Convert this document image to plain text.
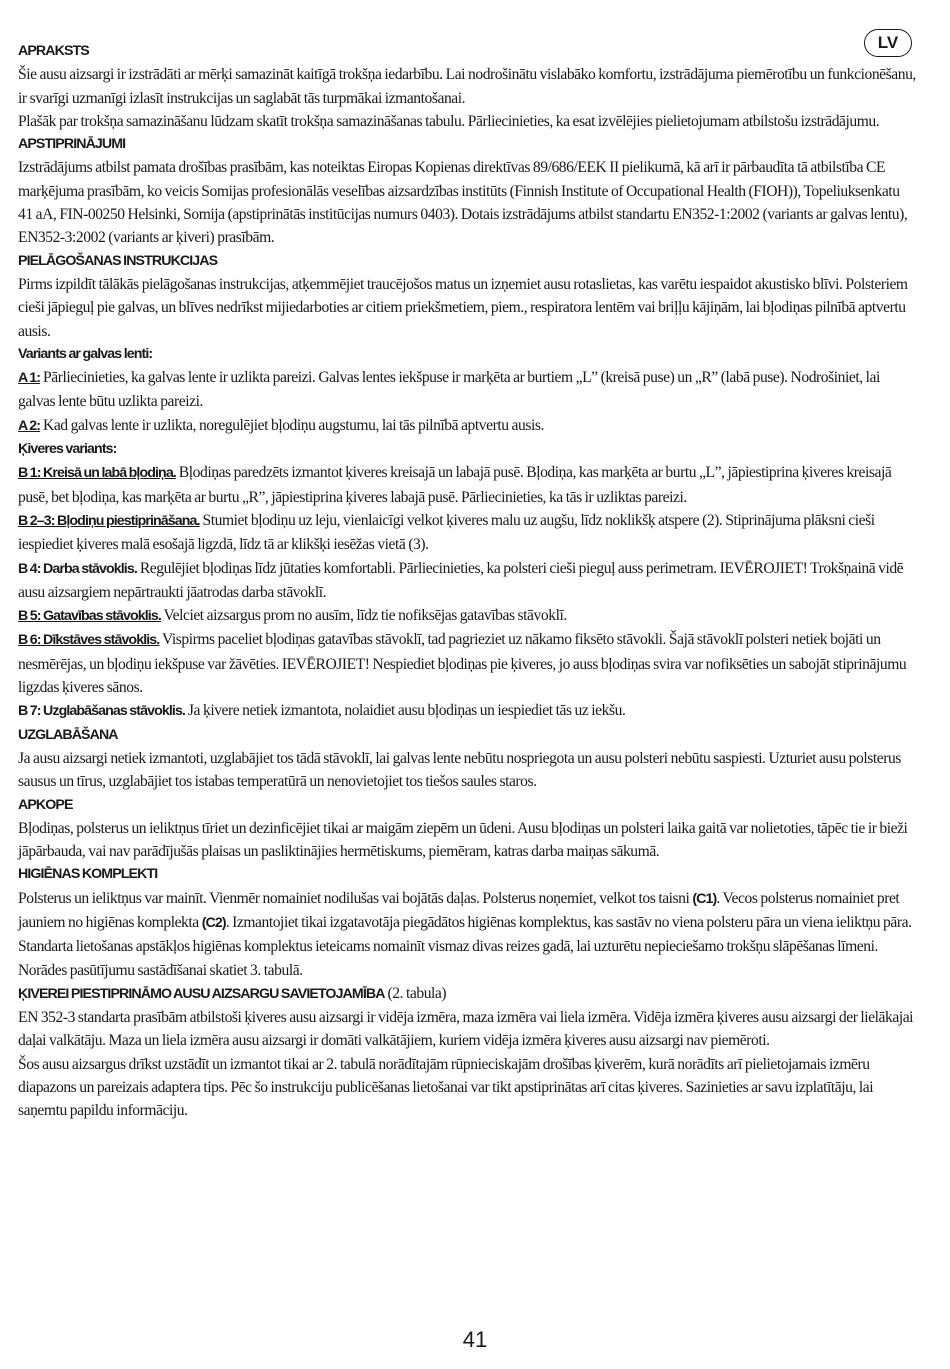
LV
APRAKSTS

Šie ausu aizsargi ir izstrādāti ar mērķi samazināt kaitīgā trokšņa iedarbību. Lai nodrošinātu vislabāko komfortu, izstrādājuma piemērotību un funkcionēšanu, ir svarīgi uzmanīgi izlasīt instrukcijas un saglabāt tās turpmākai izmantošanai.

Plašāk par trokšņa samazināšanu lūdzam skatīt trokšņa samazināšanas tabulu. Pārliecinieties, ka esat izvēlējies pielietojumam atbilstošu izstrādājumu.

APSTIPRINĀJUMI

Izstrādājums atbilst pamata drošības prasībām, kas noteiktas Eiropas Kopienas direktīvas 89/686/EEK II pielikumā, kā arī ir pārbaudīta tā atbilstība CE marķējuma prasībām, ko veicis Somijas profesionālās veselības aizsardzības institūts (Finnish Institute of Occupational Health (FIOH)), Topeliuksenkatu 41 aA, FIN-00250 Helsinki, Somija (apstiprinātās institūcijas numurs 0403). Dotais izstrādājums atbilst standartu EN352-1:2002 (variants ar galvas lentu), EN352-3:2002 (variants ar ķiveri) prasībām.

PIELĀGOŠANAS INSTRUKCIJAS

Pirms izpildīt tālākās pielāgošanas instrukcijas, atķemmējiet traucējošos matus un izņemiet ausu rotaslietas, kas varētu iespaidot akustisko blīvi. Polsteriem cieši jāpieguļ pie galvas, un blīves nedrīkst mijiedarboties ar citiem priekšmetiem, piem., respiratora lentēm vai briļļu kājiņām, lai bļodiņas pilnībā aptvertu ausis.

Variants ar galvas lenti:

A 1: Pārliecinieties, ka galvas lente ir uzlikta pareizi. Galvas lentes iekšpuse ir marķēta ar burtiem „L” (kreisā puse) un „R” (labā puse). Nodrošiniet, lai galvas lente būtu uzlikta pareizi.

A 2: Kad galvas lente ir uzlikta, noregulējiet bļodiņu augstumu, lai tās pilnībā aptvertu ausis.

Ķiveres variants:

B 1: Kreisā un labā bļodiņa. Bļodiņas paredzēts izmantot ķiveres kreisajā un labajā pusē. Bļodiņa, kas marķēta ar burtu „L”, jāpiestiprina ķiveres kreisajā pusē, bet bļodiņa, kas marķēta ar burtu „R”, jāpiestiprina ķiveres labajā pusē. Pārliecinieties, ka tās ir uzliktas pareizi.

B 2–3: Bļodiņu piestiprināšana. Stumiet bļodiņu uz leju, vienlaicīgi velkot ķiveres malu uz augšu, līdz noklikšķ atspere (2). Stiprinājuma plāksni cieši iespiediet ķiveres malā esošajā ligzdā, līdz tā ar klikšķi iesēžas vietā (3).

B 4: Darba stāvoklis. Regulējiet bļodiņas līdz jūtaties komfortabli. Pārliecinieties, ka polsteri cieši pieguļ auss perimetram. IEVĒROJIET! Trokšņainā vidē ausu aizsargiem nepārtraukti jāatrodas darba stāvoklī.

B 5: Gatavības stāvoklis. Velciet aizsargus prom no ausīm, līdz tie nofiksējas gatavības stāvoklī.

B 6: Dīkstāves stāvoklis. Vispirms paceliet bļodiņas gatavības stāvoklī, tad pagrieziet uz nākamo fiksēto stāvokli. Šajā stāvoklī polsteri netiek bojāti un nesmērējas, un bļodiņu iekšpuse var žāvēties. IEVĒROJIET! Nespiediet bļodiņas pie ķiveres, jo auss bļodiņas svira var nofiksēties un sabojāt stiprinājumu ligzdas ķiveres sānos.

B 7: Uzglabāšanas stāvoklis. Ja ķivere netiek izmantota, nolaidiet ausu bļodiņas un iespiediet tās uz iekšu.

UZGLABĀŠANA

Ja ausu aizsargi netiek izmantoti, uzglabājiet tos tādā stāvoklī, lai galvas lente nebūtu nospriegota un ausu polsteri nebūtu saspiesti. Uzturiet ausu polsterus sausus un tīrus, uzglabājiet tos istabas temperatūrā un nenovietojiet tos tiešos saules staros.

APKOPE

Bļodiņas, polsterus un ieliktņus tīriet un dezinficējiet tikai ar maigām ziepēm un ūdeni. Ausu bļodiņas un polsteri laika gaitā var nolietoties, tāpēc tie ir bieži jāpārbauda, vai nav parādījušās plaisas un pasliktinājies hermētiskums, piemēram, katras darba maiņas sākumā.

HIGIĒNAS KOMPLEKTI

Polsterus un ieliktņus var mainīt. Vienmēr nomainiet nodilušas vai bojātās daļas. Polsterus noņemiet, velkot tos taisni (C1). Vecos polsterus nomainiet pret jauniem no higiēnas komplekta (C2). Izmantojiet tikai izgatavotāja piegādātos higiēnas komplektus, kas sastāv no viena polsteru pāra un viena ieliktņu pāra. Standarta lietošanas apstākļos higiēnas komplektus ieteicams nomainīt vismaz divas reizes gadā, lai uzturētu nepieciešamo trokšņu slāpēšanas līmeni. Norādes pasūtījumu sastādīšanai skatiet 3. tabulā.

ĶIVEREI PIESTIPRINĀMO AUSU AIZSARGU SAVIETOJAMĪBA (2. tabula)

EN 352-3 standarta prasībām atbilstoši ķiveres ausu aizsargi ir vidēja izmēra, maza izmēra vai liela izmēra. Vidēja izmēra ķiveres ausu aizsargi der lielākajai daļai valkātāju. Maza un liela izmēra ausu aizsargi ir domāti valkātājiem, kuriem vidēja izmēra ķiveres ausu aizsargi nav piemēroti.

Šos ausu aizsargus drīkst uzstādīt un izmantot tikai ar 2. tabulā norādītajām rūpnieciskajām drošības ķiverēm, kurā norādīts arī pielietojamais izmēru diapazons un pareizais adaptera tips. Pēc šo instrukciju publicēšanas lietošanai var tikt apstiprinātas arī citas ķiveres. Sazinieties ar savu izplatītāju, lai saņemtu papildu informāciju.

41
